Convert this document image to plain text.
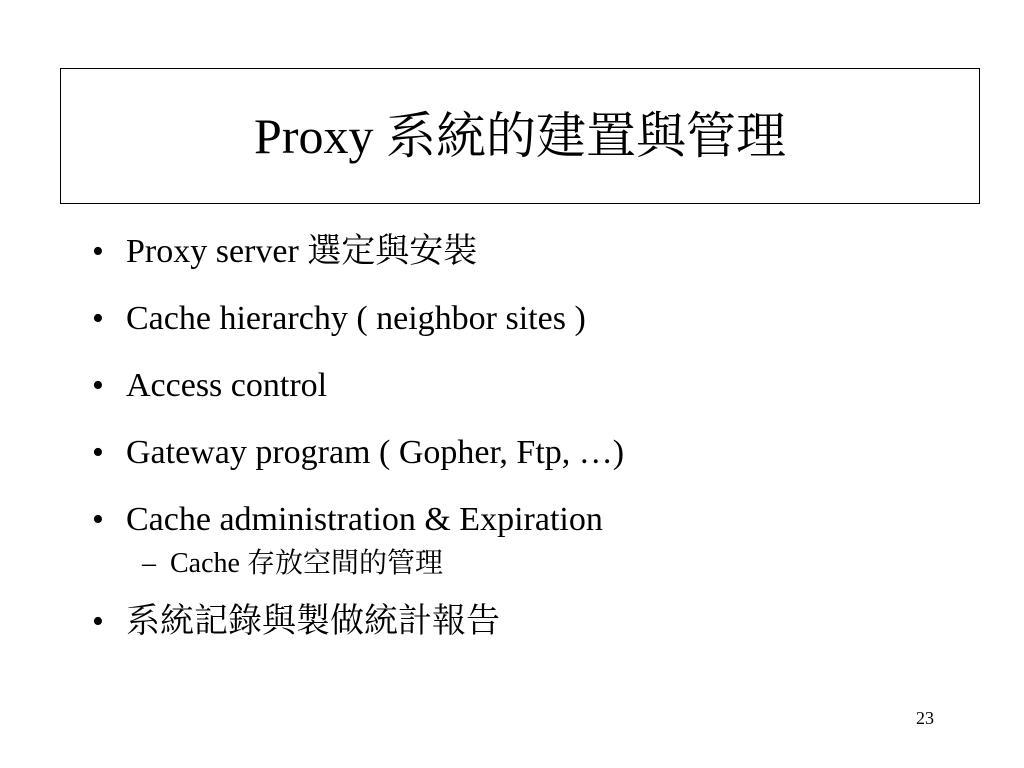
Proxy 系統的建置與管理
• Proxy server 選定與安裝
• Cache hierarchy ( neighbor sites )
• Access control
• Gateway program ( Gopher, Ftp, …)
• Cache administration & Expiration
– Cache 存放空間的管理
• 系統記錄與製做統計報告
23
